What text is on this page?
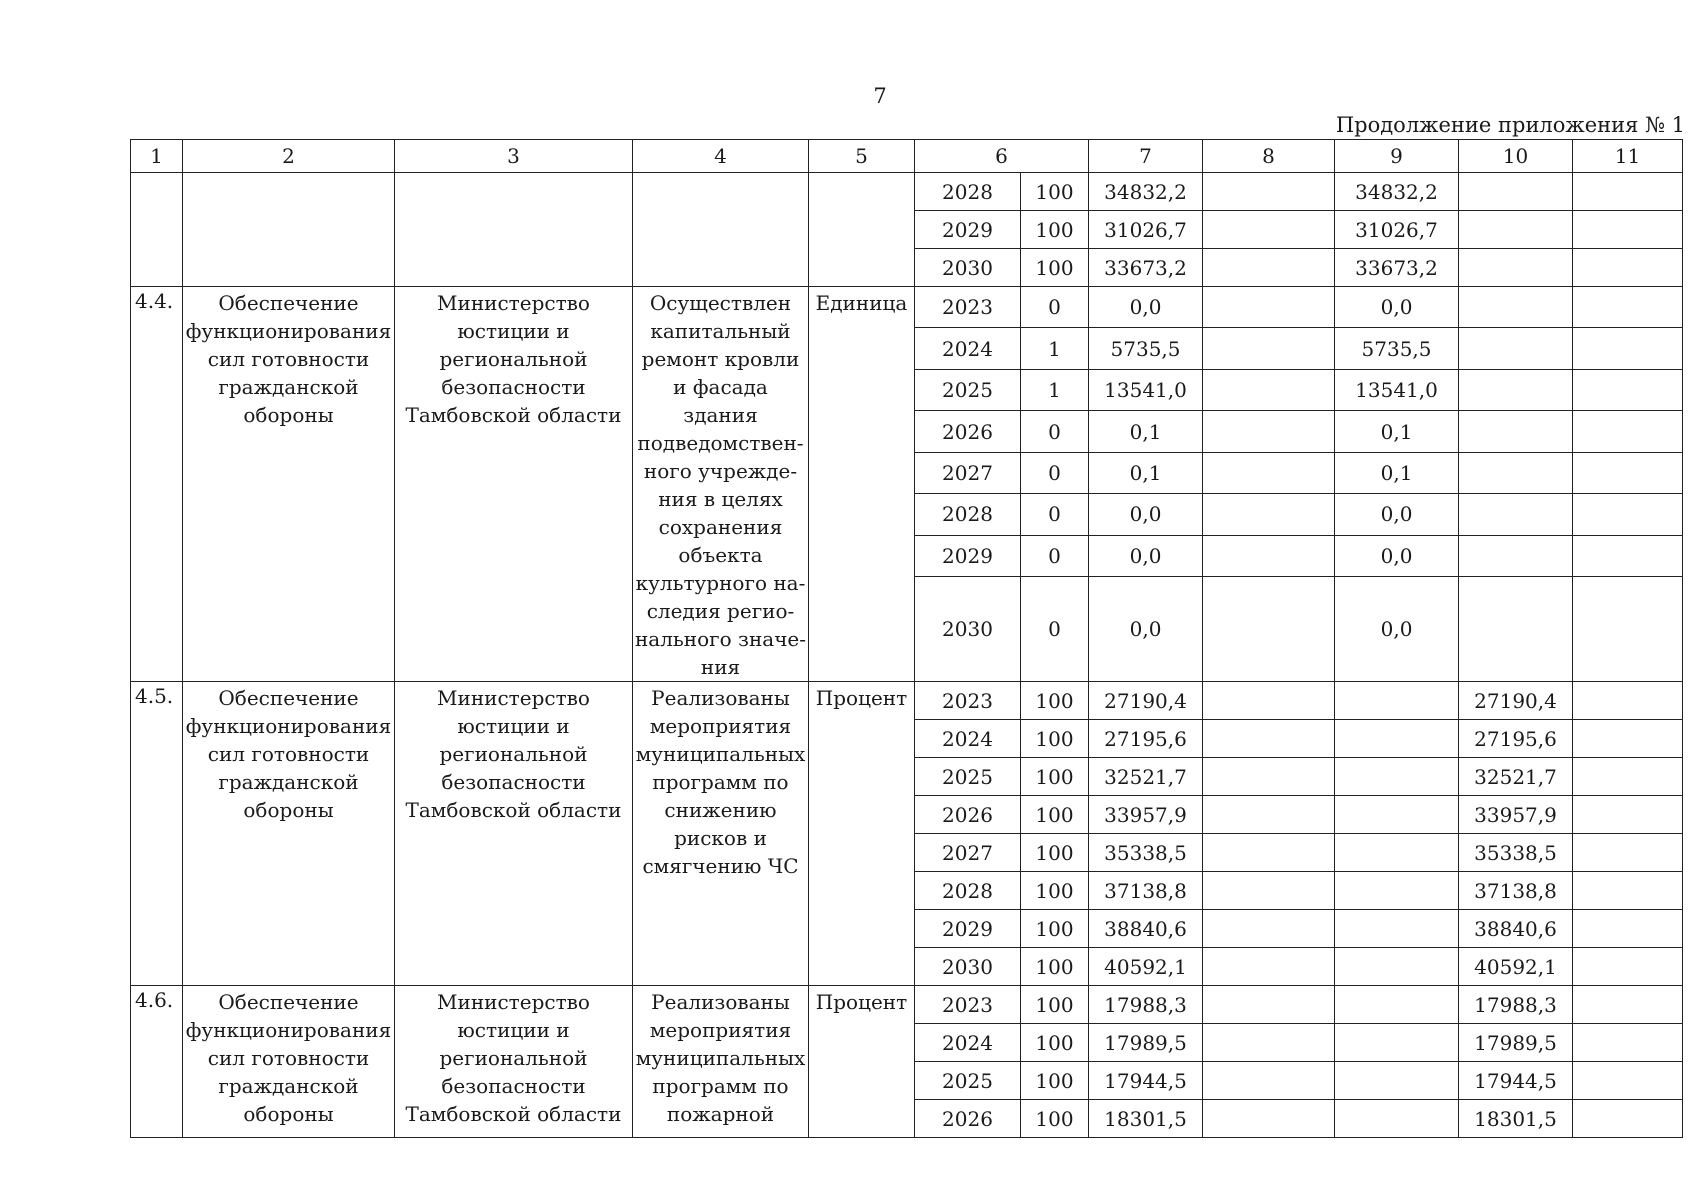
7
Продолжение приложения № 1
1	2	3	4	5	6		7	8	9	10	11
					2028	100	34832,2		34832,2		
					2029	100	31026,7		31026,7		
					2030	100	33673,2		33673,2		
4.4.	Обеспечение функционирования сил готовности гражданской обороны	Министерство юстиции и региональной безопасности Тамбовской области	Осуществлен капитальный ремонт кровли и фасада здания подведомствен-ного учрежде-ния в целях сохранения объекта культурного на-следия регио-нального значе-ния	Единица	2023	0	0,0		0,0		
					2024	1	5735,5		5735,5		
					2025	1	13541,0		13541,0		
					2026	0	0,1		0,1		
					2027	0	0,1		0,1		
					2028	0	0,0		0,0		
					2029	0	0,0		0,0		
					2030	0	0,0		0,0		
4.5.	Обеспечение функционирования сил готовности гражданской обороны	Министерство юстиции и региональной безопасности Тамбовской области	Реализованы мероприятия муниципальных программ по снижению рисков и смягчению ЧС	Процент	2023	100	27190,4			27190,4	
					2024	100	27195,6			27195,6	
					2025	100	32521,7			32521,7	
					2026	100	33957,9			33957,9	
					2027	100	35338,5			35338,5	
					2028	100	37138,8			37138,8	
					2029	100	38840,6			38840,6	
					2030	100	40592,1			40592,1	
4.6.	Обеспечение функционирования сил готовности гражданской обороны	Министерство юстиции и региональной безопасности Тамбовской области	Реализованы мероприятия муниципальных программ по пожарной	Процент	2023	100	17988,3			17988,3	
					2024	100	17989,5			17989,5	
					2025	100	17944,5			17944,5	
					2026	100	18301,5			18301,5	
